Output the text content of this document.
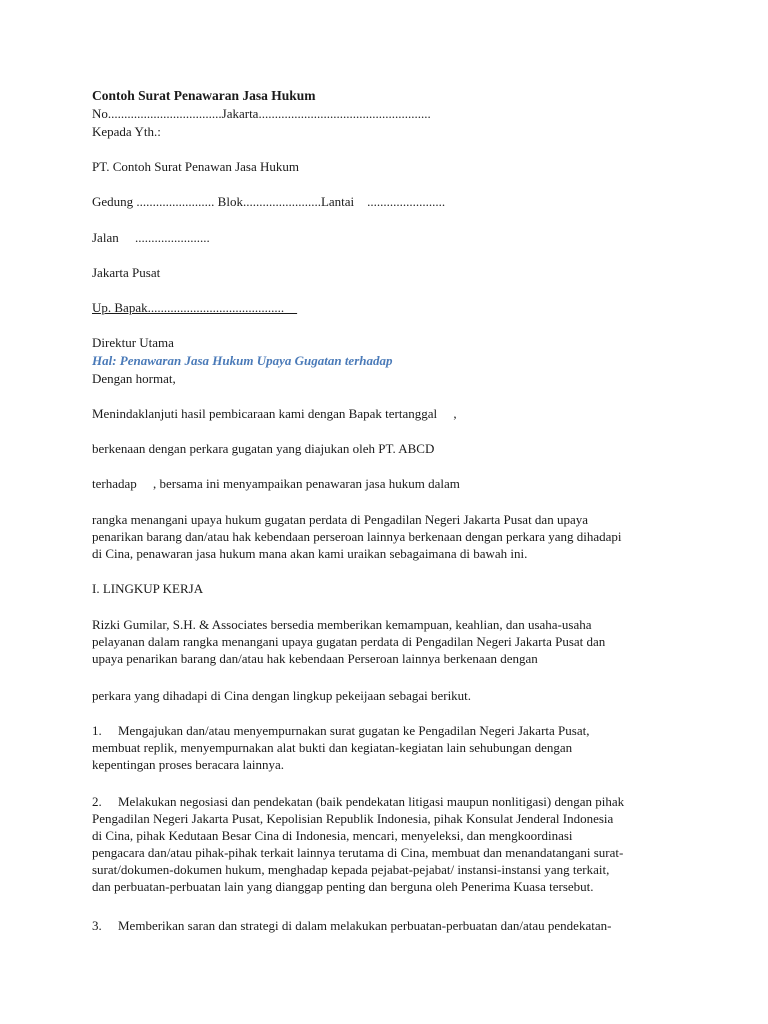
Contoh Surat Penawaran Jasa Hukum
No...................................Jakarta.....................................................
Kepada Yth.:
PT. Contoh Surat Penawan Jasa Hukum
Gedung ........................ Blok........................Lantai    ........................
Jalan     .......................
Jakarta Pusat
Up. Bapak..........................................
Direktur Utama
Hal: Penawaran Jasa Hukum Upaya Gugatan terhadap
Dengan hormat,
Menindaklanjuti hasil pembicaraan kami dengan Bapak tertanggal     ,
berkenaan dengan perkara gugatan yang diajukan oleh PT. ABCD
terhadap     , bersama ini menyampaikan penawaran jasa hukum dalam
rangka menangani upaya hukum gugatan perdata di Pengadilan Negeri Jakarta Pusat dan upaya
penarikan barang dan/atau hak kebendaan perseroan lainnya berkenaan dengan perkara yang dihadapi
di Cina, penawaran jasa hukum mana akan kami uraikan sebagaimana di bawah ini.
I. LINGKUP KERJA
Rizki Gumilar, S.H. & Associates bersedia memberikan kemampuan, keahlian, dan usaha-usaha
pelayanan dalam rangka menangani upaya gugatan perdata di Pengadilan Negeri Jakarta Pusat dan
upaya penarikan barang dan/atau hak kebendaan Perseroan lainnya berkenaan dengan
perkara yang dihadapi di Cina dengan lingkup pekeijaan sebagai berikut.
1.     Mengajukan dan/atau menyempurnakan surat gugatan ke Pengadilan Negeri Jakarta Pusat,
membuat replik, menyempurnakan alat bukti dan kegiatan-kegiatan lain sehubungan dengan
kepentingan proses beracara lainnya.
2.     Melakukan negosiasi dan pendekatan (baik pendekatan litigasi maupun nonlitigasi) dengan pihak
Pengadilan Negeri Jakarta Pusat, Kepolisian Republik Indonesia, pihak Konsulat Jenderal Indonesia
di Cina, pihak Kedutaan Besar Cina di Indonesia, mencari, menyeleksi, dan mengkoordinasi
pengacara dan/atau pihak-pihak terkait lainnya terutama di Cina, membuat dan menandatangani surat-
surat/dokumen-dokumen hukum, menghadap kepada pejabat-pejabat/ instansi-instansi yang terkait,
dan perbuatan-perbuatan lain yang dianggap penting dan berguna oleh Penerima Kuasa tersebut.
3.     Memberikan saran dan strategi di dalam melakukan perbuatan-perbuatan dan/atau pendekatan-
